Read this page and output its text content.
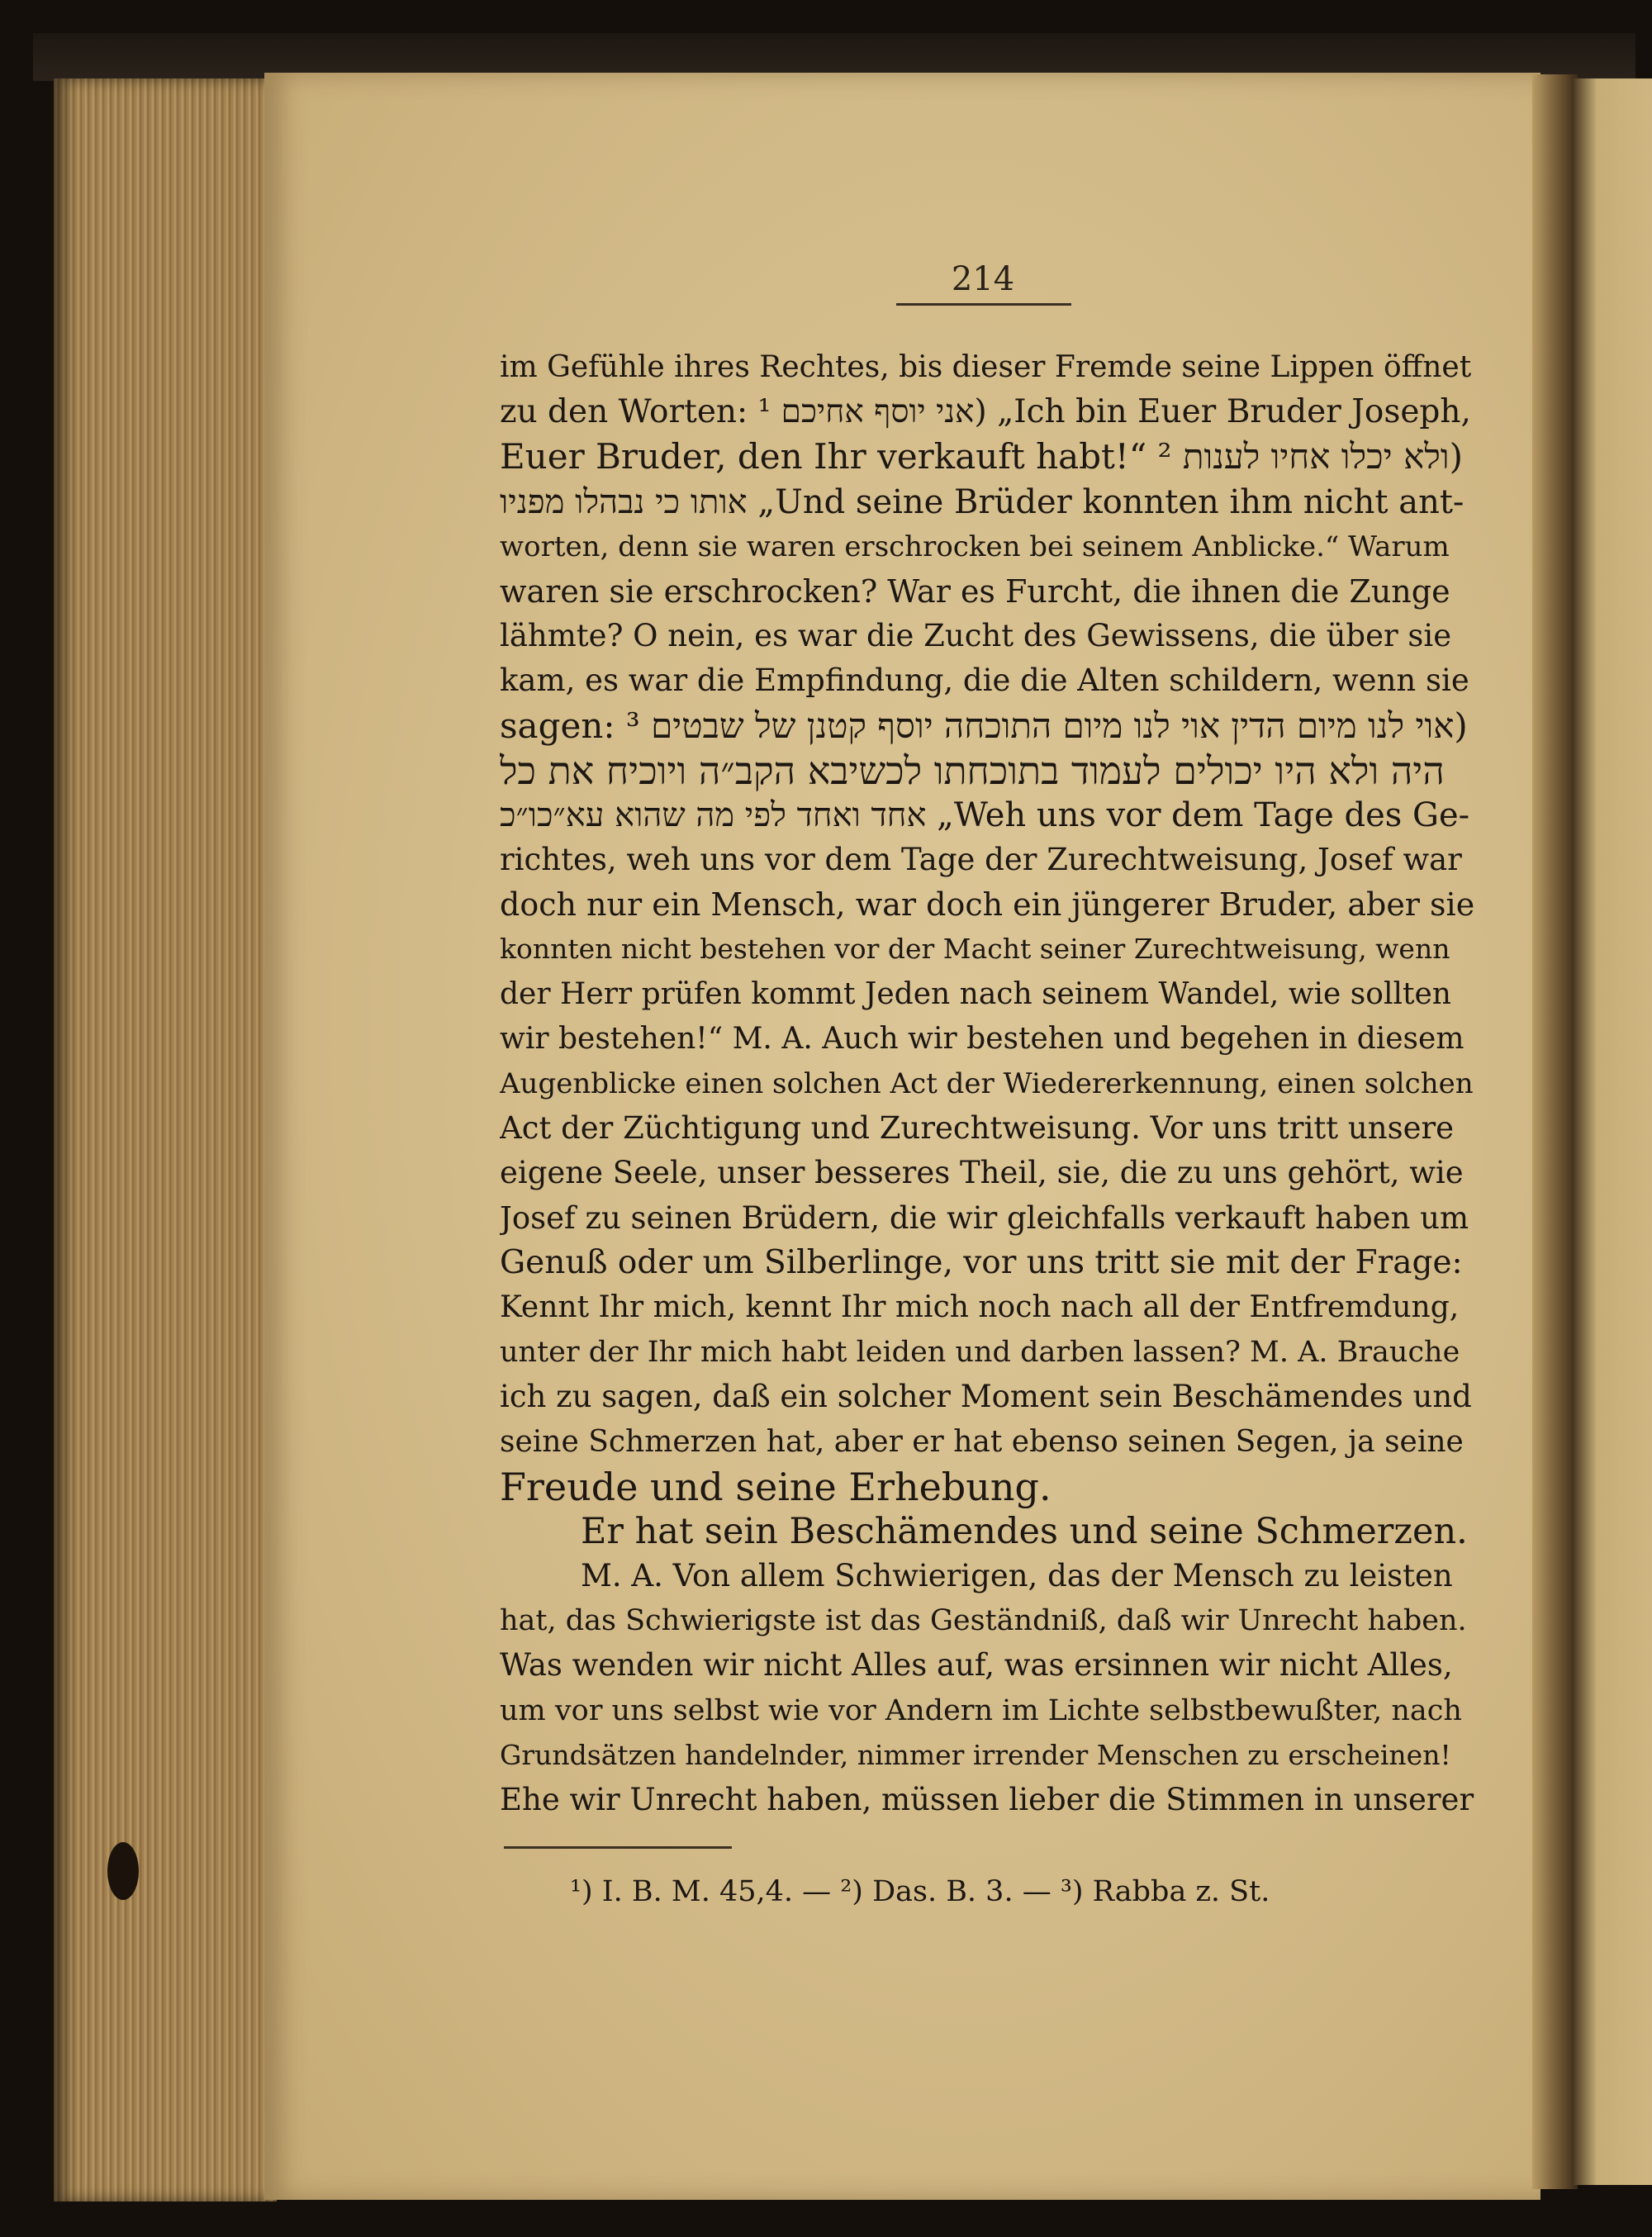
214
im Gefühle ihres Rechtes, bis dieser Fremde seine Lippen öffnet
zu den Worten: אני יוסף אחיכם ¹) „Ich bin Euer Bruder Joseph,
Euer Bruder, den Ihr verkauft habt!“ ולא יכלו אחיו לענות ²)
אותו כי נבהלו מפניו „Und seine Brüder konnten ihm nicht ant-
worten, denn sie waren erschrocken bei seinem Anblicke.“ Warum
waren sie erschrocken? War es Furcht, die ihnen die Zunge
lähmte? O nein, es war die Zucht des Gewissens, die über sie
kam, es war die Empfindung, die die Alten schildern, wenn sie
sagen: אוי לנו מיום הדין אוי לנו מיום התוכחה יוסף קטנן של שבטים ³)
היה ולא היו יכולים לעמוד בתוכחתו לכשיבא הקב״ה ויוכיח את כל
אחד ואחד לפי מה שהוא עא״כו״כ „Weh uns vor dem Tage des Ge-
richtes, weh uns vor dem Tage der Zurechtweisung, Josef war
doch nur ein Mensch, war doch ein jüngerer Bruder, aber sie
konnten nicht bestehen vor der Macht seiner Zurechtweisung, wenn
der Herr prüfen kommt Jeden nach seinem Wandel, wie sollten
wir bestehen!“ M. A. Auch wir bestehen und begehen in diesem
Augenblicke einen solchen Act der Wiedererkennung, einen solchen
Act der Züchtigung und Zurechtweisung. Vor uns tritt unsere
eigene Seele, unser besseres Theil, sie, die zu uns gehört, wie
Josef zu seinen Brüdern, die wir gleichfalls verkauft haben um
Genuß oder um Silberlinge, vor uns tritt sie mit der Frage:
Kennt Ihr mich, kennt Ihr mich noch nach all der Entfremdung,
unter der Ihr mich habt leiden und darben lassen? M. A. Brauche
ich zu sagen, daß ein solcher Moment sein Beschämendes und
seine Schmerzen hat, aber er hat ebenso seinen Segen, ja seine
Freude und seine Erhebung.
Er hat sein Beschämendes und seine Schmerzen.
M. A. Von allem Schwierigen, das der Mensch zu leisten
hat, das Schwierigste ist das Geständniß, daß wir Unrecht haben.
Was wenden wir nicht Alles auf, was ersinnen wir nicht Alles,
um vor uns selbst wie vor Andern im Lichte selbstbewußter, nach
Grundsätzen handelnder, nimmer irrender Menschen zu erscheinen!
Ehe wir Unrecht haben, müssen lieber die Stimmen in unserer
¹) I. B. M. 45,4. — ²) Das. B. 3. — ³) Rabba z. St.
